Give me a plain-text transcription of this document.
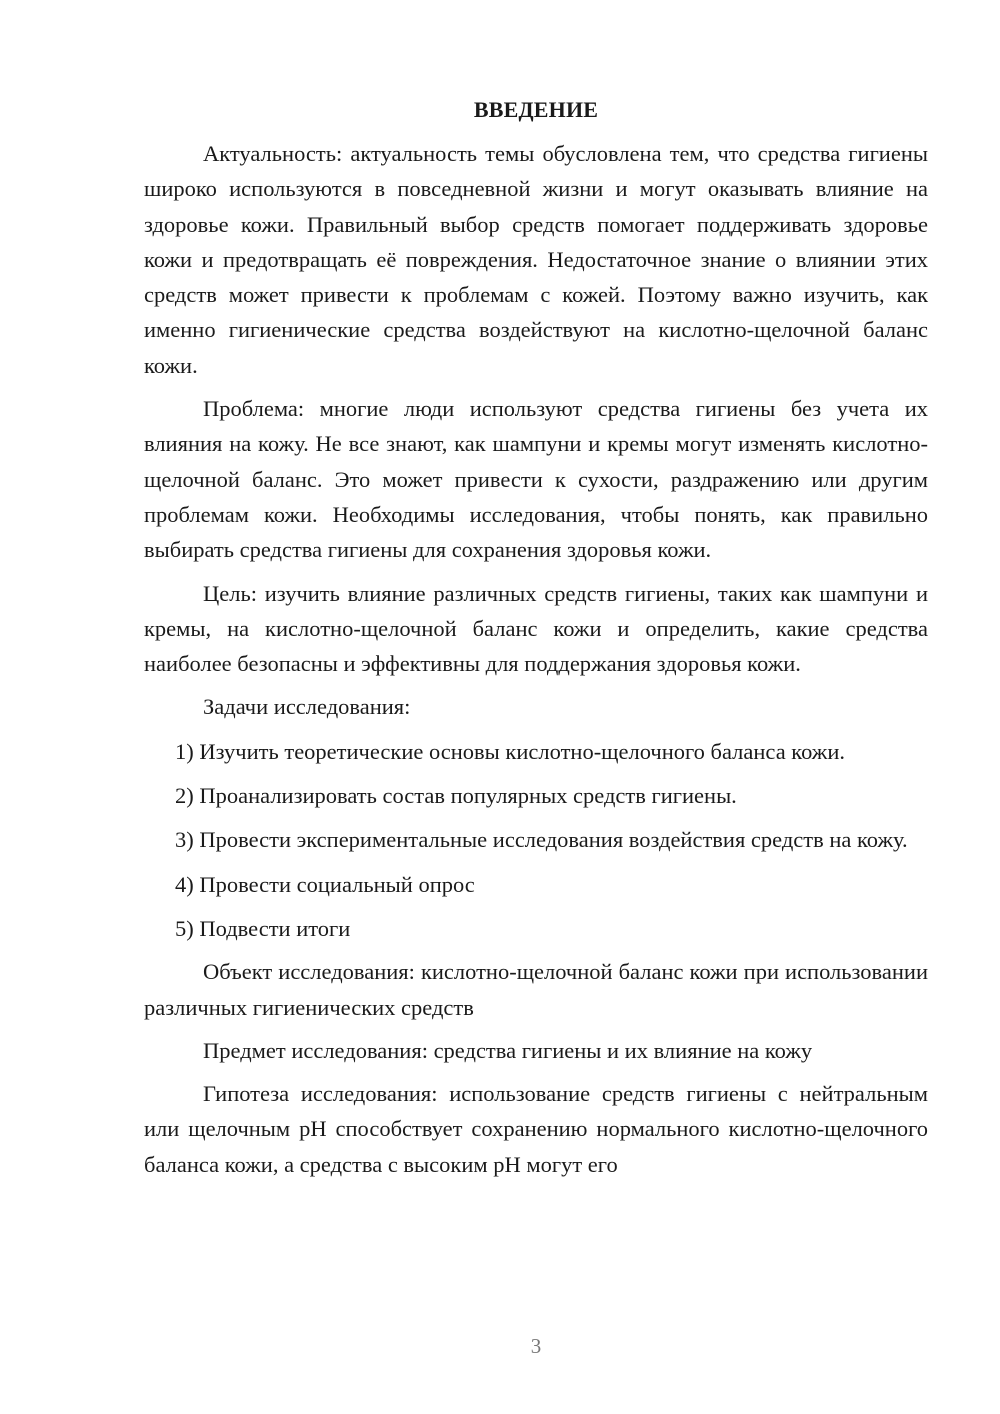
ВВЕДЕНИЕ

Актуальность: актуальность темы обусловлена тем, что средства гигиены широко используются в повседневной жизни и могут оказывать влияние на здоровье кожи. Правильный выбор средств помогает поддерживать здоровье кожи и предотвращать её повреждения. Недостаточное знание о влиянии этих средств может привести к проблемам с кожей. Поэтому важно изучить, как именно гигиенические средства воздействуют на кислотно-щелочной баланс кожи.

Проблема: многие люди используют средства гигиены без учета их влияния на кожу. Не все знают, как шампуни и кремы могут изменять кислотно-щелочной баланс. Это может привести к сухости, раздражению или другим проблемам кожи. Необходимы исследования, чтобы понять, как правильно выбирать средства гигиены для сохранения здоровья кожи.

Цель: изучить влияние различных средств гигиены, таких как шампуни и кремы, на кислотно-щелочной баланс кожи и определить, какие средства наиболее безопасны и эффективны для поддержания здоровья кожи.

Задачи исследования:

1) Изучить теоретические основы кислотно-щелочного баланса кожи.

2) Проанализировать состав популярных средств гигиены.

3) Провести экспериментальные исследования воздействия средств на кожу.

4) Провести социальный опрос

5) Подвести итоги

Объект исследования: кислотно-щелочной баланс кожи при использовании различных гигиенических средств

Предмет исследования: средства гигиены и их влияние на кожу

Гипотеза исследования: использование средств гигиены с нейтральным или щелочным pH способствует сохранению нормального кислотно-щелочного баланса кожи, а средства с высоким pH могут его

3
